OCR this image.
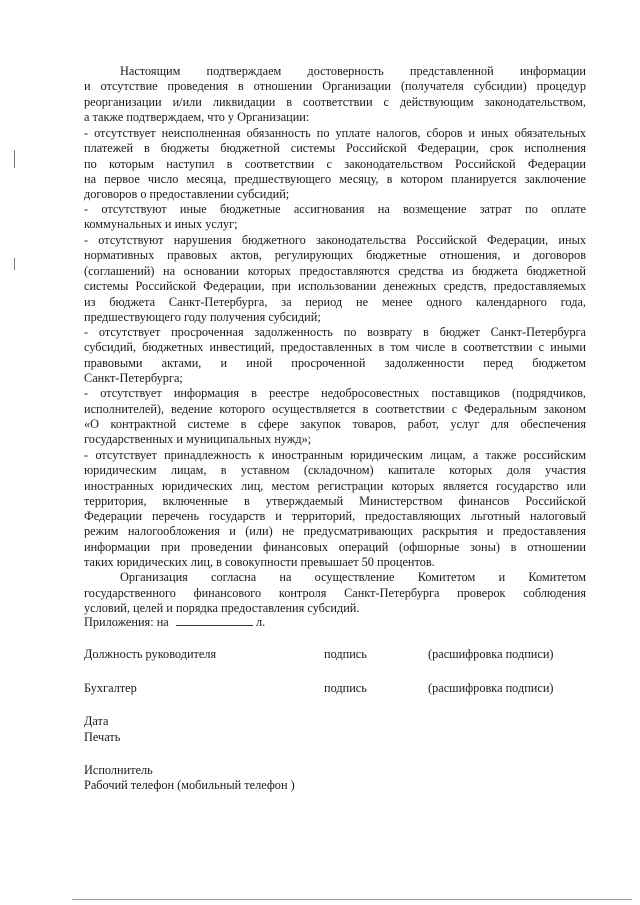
Настоящим подтверждаем достоверность представленной информации
и отсутствие проведения в отношении Организации (получателя субсидии) процедур
реорганизации и/или ликвидации в соответствии с действующим законодательством,
а также подтверждаем, что у Организации:
- отсутствует неисполненная обязанность по уплате налогов, сборов и иных обязательных
платежей в бюджеты бюджетной системы Российской Федерации, срок исполнения
по которым наступил в соответствии с законодательством Российской Федерации
на первое число месяца, предшествующего месяцу, в котором планируется заключение
договоров о предоставлении субсидий;
- отсутствуют иные бюджетные ассигнования на возмещение затрат по оплате
коммунальных и иных услуг;
- отсутствуют нарушения бюджетного законодательства Российской Федерации, иных
нормативных правовых актов, регулирующих бюджетные отношения, и договоров
(соглашений) на основании которых предоставляются средства из бюджета бюджетной
системы Российской Федерации, при использовании денежных средств, предоставляемых
из бюджета Санкт-Петербурга, за период не менее одного календарного года,
предшествующего году получения субсидий;
- отсутствует просроченная задолженность по возврату в бюджет Санкт-Петербурга
субсидий, бюджетных инвестиций, предоставленных в том числе в соответствии с иными
правовыми актами, и иной просроченной задолженности перед бюджетом
Санкт-Петербурга;
- отсутствует информация в реестре недобросовестных поставщиков (подрядчиков,
исполнителей), ведение которого осуществляется в соответствии с Федеральным законом
«О контрактной системе в сфере закупок товаров, работ, услуг для обеспечения
государственных и муниципальных нужд»;
- отсутствует принадлежность к иностранным юридическим лицам, а также российским
юридическим лицам, в уставном (складочном) капитале которых доля участия
иностранных юридических лиц, местом регистрации которых является государство или
территория, включенные в утверждаемый Министерством финансов Российской
Федерации перечень государств и территорий, предоставляющих льготный налоговый
режим налогообложения и (или) не предусматривающих раскрытия и предоставления
информации при проведении финансовых операций (офшорные зоны) в отношении
таких юридических лиц, в совокупности превышает 50 процентов.
Организация согласна на осуществление Комитетом и Комитетом
государственного финансового контроля Санкт-Петербурга проверок соблюдения
условий, целей и порядка предоставления субсидий.
Приложения: на	л.
Должность руководителя	подпись	(расшифровка подписи)
Бухгалтер	подпись	(расшифровка подписи)
Дата
Печать
Исполнитель
Рабочий телефон (мобильный телефон )
